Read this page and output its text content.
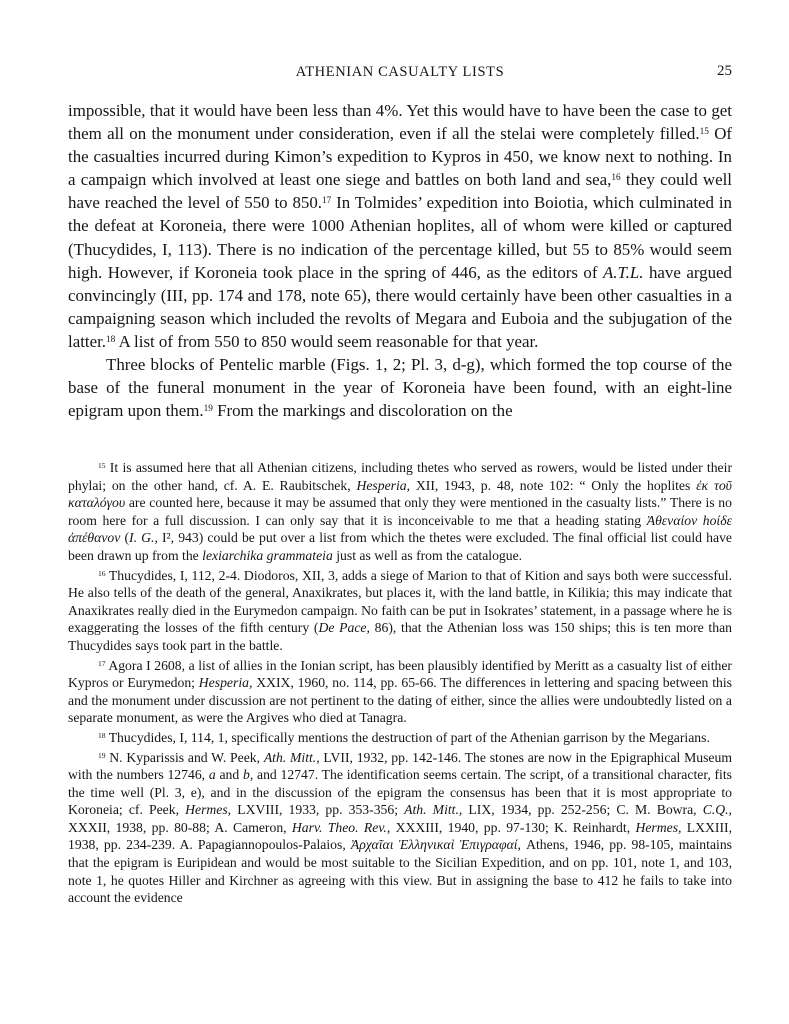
ATHENIAN CASUALTY LISTS	25

impossible, that it would have been less than 4%. Yet this would have to have been the case to get them all on the monument under consideration, even if all the stelai were completely filled.$^{15}$ Of the casualties incurred during Kimon’s expedition to Kypros in 450, we know next to nothing. In a campaign which involved at least one siege and battles on both land and sea,$^{16}$ they could well have reached the level of 550 to 850.17 In Tolmides’ expedition into Boiotia, which culminated in the defeat at Koroneia, there were 1000 Athenian hoplites, all of whom were killed or captured (Thucydides, I, 113). There is no indication of the percentage killed, but 55 to 85% would seem high. However, if Koroneia took place in the spring of 446, as the editors of A.T.L. have argued convincingly (III, pp. 174 and 178, note 65), there would certainly have been other casualties in a campaigning season which included the revolts of Megara and Euboia and the subjugation of the latter.$^{18}$ A list of from 550 to 850 would seem reasonable for that year.

Three blocks of Pentelic marble (Figs. 1, 2; Pl. 3, d-g), which formed the top course of the base of the funeral monument in the year of Koroneia have been found, with an eight-line epigram upon them.$^{19}$ From the markings and discoloration on the

$^{15}$ It is assumed here that all Athenian citizens, including thetes who served as rowers, would be listed under their phylai; on the other hand, cf. A. E. Raubitschek, Hesperia, XII, 1943, p. 48, note 102: “ Only the hoplites ἐκ τοῦ καταλόγου are counted here, because it may be assumed that only they were mentioned in the casualty lists.” There is no room here for a full discussion. I can only say that it is inconceivable to me that a heading stating Ἀθεναίον hοίδε ἀπέθανον (I. G., I², 943) could be put over a list from which the thetes were excluded. The final official list could have been drawn up from the lexiarchika grammateia just as well as from the catalogue.

$^{16}$ Thucydides, I, 112, 2-4. Diodoros, XII, 3, adds a siege of Marion to that of Kition and says both were successful. He also tells of the death of the general, Anaxikrates, but places it, with the land battle, in Kilikia; this may indicate that Anaxikrates really died in the Eurymedon campaign. No faith can be put in Isokrates’ statement, in a passage where he is exaggerating the losses of the fifth century (De Pace, 86), that the Athenian loss was 150 ships; this is ten more than Thucydides says took part in the battle.

$^{17}$ Agora I 2608, a list of allies in the Ionian script, has been plausibly identified by Meritt as a casualty list of either Kypros or Eurymedon; Hesperia, XXIX, 1960, no. 114, pp. 65-66. The differences in lettering and spacing between this and the monument under discussion are not pertinent to the dating of either, since the allies were undoubtedly listed on a separate monument, as were the Argives who died at Tanagra.

$^{18}$ Thucydides, I, 114, 1, specifically mentions the destruction of part of the Athenian garrison by the Megarians.

$^{19}$ N. Kyparissis and W. Peek, Ath. Mitt., LVII, 1932, pp. 142-146. The stones are now in the Epigraphical Museum with the numbers 12746, a and b, and 12747. The identification seems certain. The script, of a transitional character, fits the time well (Pl. 3, e), and in the discussion of the epigram the consensus has been that it is most appropriate to Koroneia; cf. Peek, Hermes, LXVIII, 1933, pp. 353-356; Ath. Mitt., LIX, 1934, pp. 252-256; C. M. Bowra, C.Q., XXXII, 1938, pp. 80-88; A. Cameron, Harv. Theo. Rev., XXXIII, 1940, pp. 97-130; K. Reinhardt, Hermes, LXXIII, 1938, pp. 234-239. A. Papagiannopoulos-Palaios, Ἀρχαῖαι Ἑλληνικαὶ Ἐπιγραφαί, Athens, 1946, pp. 98-105, maintains that the epigram is Euripidean and would be most suitable to the Sicilian Expedition, and on pp. 101, note 1, and 103, note 1, he quotes Hiller and Kirchner as agreeing with this view. But in assigning the base to 412 he fails to take into account the evidence
